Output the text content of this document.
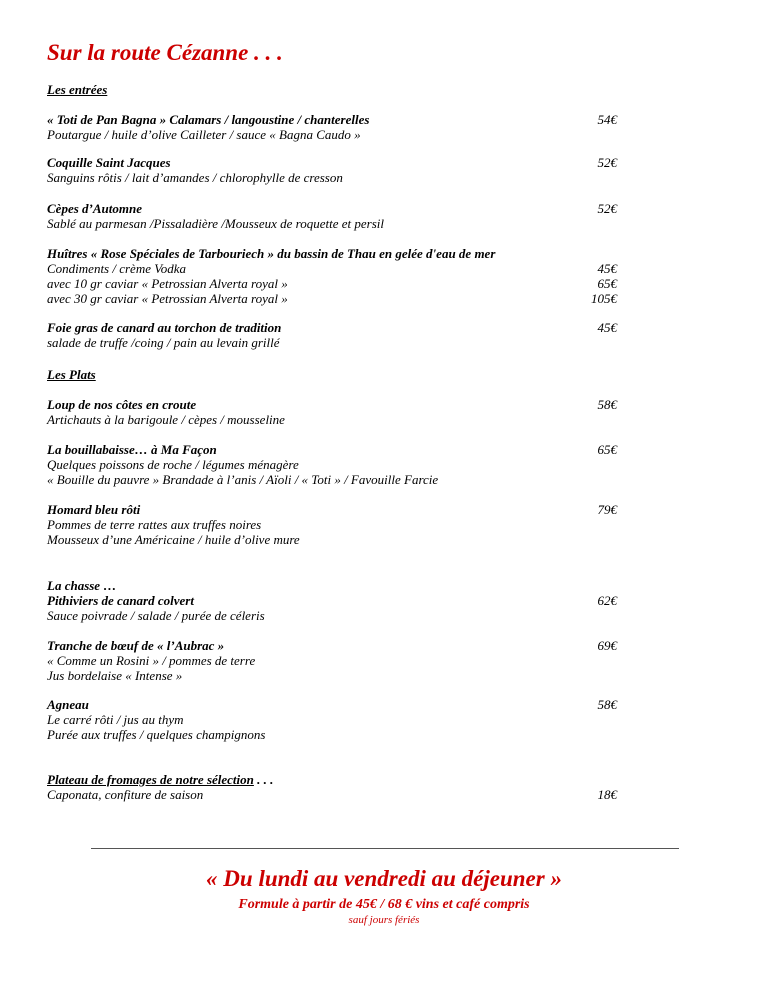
Sur la route Cézanne . . .
Les entrées
« Toti de Pan Bagna » Calamars / langoustine / chanterelles
Poutargue / huile d’olive Cailleter / sauce « Bagna Caudo »
54€
Coquille Saint Jacques
Sanguins rôtis / lait d’amandes / chlorophylle de cresson
52€
Cèpes d’Automne
Sablé au parmesan /Pissaladière /Mousseux de roquette et persil
52€
Huîtres « Rose Spéciales de Tarbouriech » du bassin de Thau en gelée d'eau de mer
Condiments / crème Vodka
avec 10 gr caviar « Petrossian Alverta royal »
avec 30 gr caviar « Petrossian Alverta royal »
45€
65€
105€
Foie gras de canard au torchon de tradition
salade de truffe /coing / pain au levain grillé
45€
Les Plats
Loup de nos côtes en croute
Artichauts à la barigoule / cèpes / mousseline
58€
La bouillabaisse… à Ma Façon
Quelques poissons de roche / légumes ménagère
« Bouille du pauvre » Brandade à l’anis / Aïoli / « Toti » / Favouille Farcie
65€
Homard bleu rôti
Pommes de terre rattes aux truffes noires
Mousseux d’une Américaine / huile d’olive mure
79€
La chasse …
Pithiviers de canard colvert
Sauce poivrade / salade / purée de céleris
62€
Tranche de bœuf de « l’Aubrac »
« Comme un Rosini » / pommes de terre
Jus bordelaise « Intense »
69€
Agneau
Le carré rôti / jus au thym
Purée aux truffes / quelques champignons
58€
Plateau de fromages de notre sélection . . .
Caponata, confiture de saison	18€
« Du lundi au vendredi au déjeuner »
Formule à partir de 45€ / 68 € vins et café compris
sauf jours fériés
